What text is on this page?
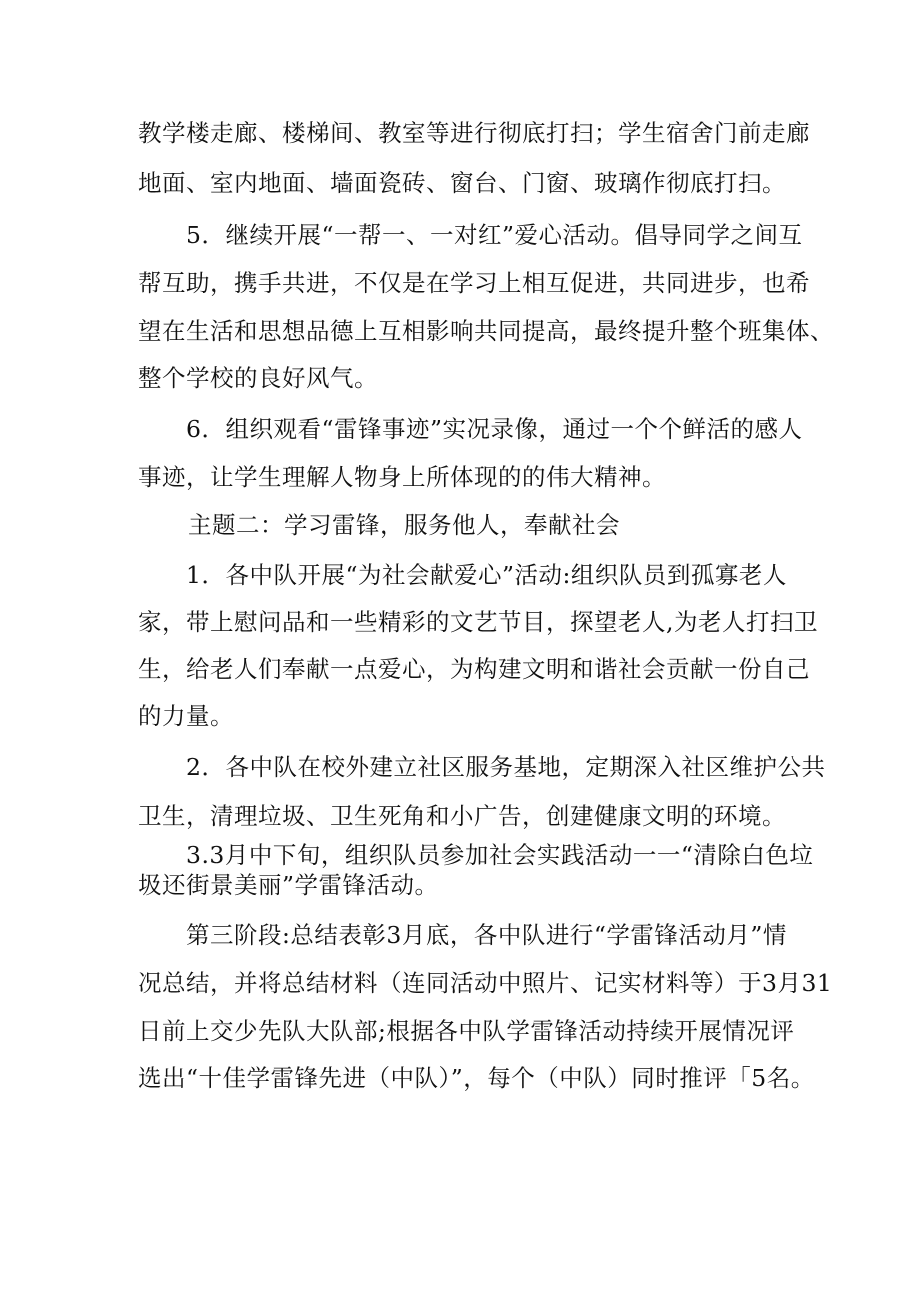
教学楼走廊、楼梯间、教室等进行彻底打扫；学生宿舍门前走廊
地面、室内地面、墙面瓷砖、窗台、门窗、玻璃作彻底打扫。
5．继续开展“一帮一、一对红”爱心活动。倡导同学之间互
帮互助，携手共进，不仅是在学习上相互促进，共同进步，也希
望在生活和思想品德上互相影响共同提高，最终提升整个班集体、
整个学校的良好风气。
6．组织观看“雷锋事迹”实况录像，通过一个个鲜活的感人
事迹，让学生理解人物身上所体现的的伟大精神。
主题二：学习雷锋，服务他人，奉献社会
1．各中队开展“为社会献爱心”活动:组织队员到孤寡老人
家，带上慰问品和一些精彩的文艺节目，探望老人,为老人打扫卫
生，给老人们奉献一点爱心，为构建文明和谐社会贡献一份自己
的力量。
2．各中队在校外建立社区服务基地，定期深入社区维护公共
卫生，清理垃圾、卫生死角和小广告，创建健康文明的环境。
3.3月中下旬，组织队员参加社会实践活动一一“清除白色垃
圾还街景美丽”学雷锋活动。
第三阶段:总结表彰3月底，各中队进行“学雷锋活动月”情
况总结，并将总结材料（连同活动中照片、记实材料等）于3月31
日前上交少先队大队部;根据各中队学雷锋活动持续开展情况评
选出“十佳学雷锋先进（中队）”，每个（中队）同时推评「5名。
